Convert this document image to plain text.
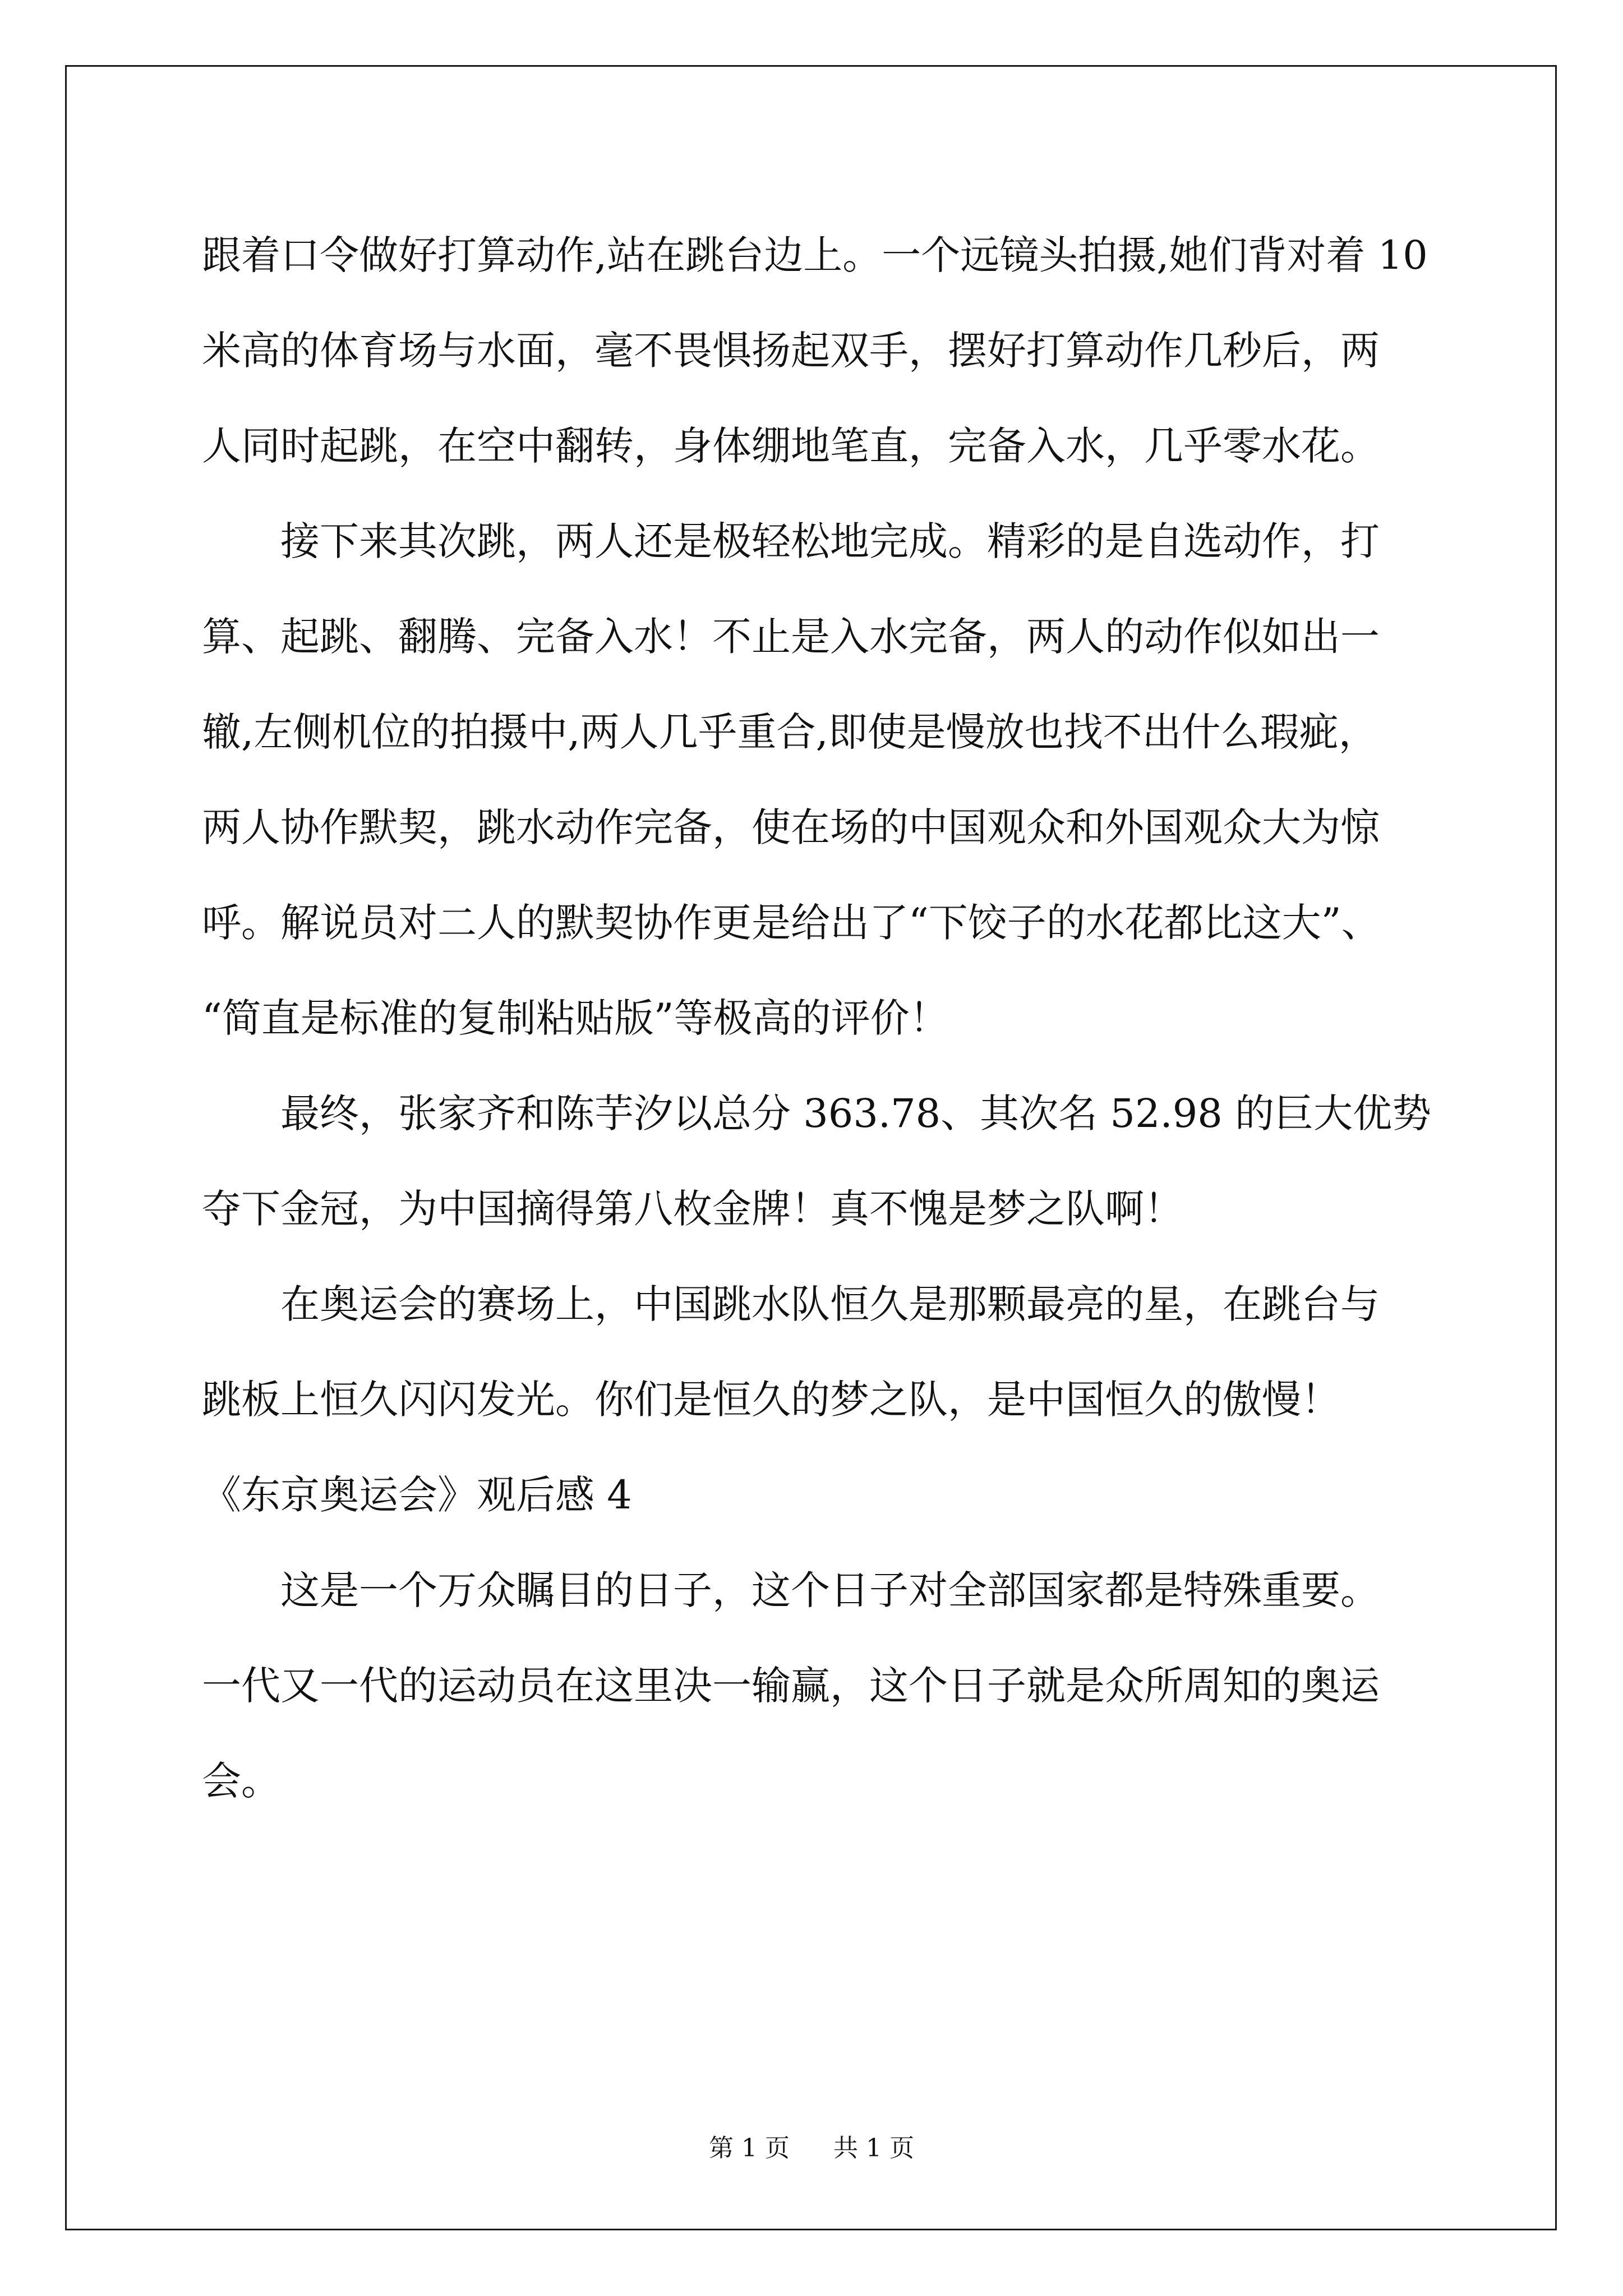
跟着口令做好打算动作,站在跳台边上。一个远镜头拍摄,她们背对着 10
米高的体育场与水面，毫不畏惧扬起双手，摆好打算动作几秒后，两
人同时起跳，在空中翻转，身体绷地笔直，完备入水，几乎零水花。
接下来其次跳，两人还是极轻松地完成。精彩的是自选动作，打
算、起跳、翻腾、完备入水！不止是入水完备，两人的动作似如出一
辙,左侧机位的拍摄中,两人几乎重合,即使是慢放也找不出什么瑕疵，
两人协作默契，跳水动作完备，使在场的中国观众和外国观众大为惊
呼。解说员对二人的默契协作更是给出了“下饺子的水花都比这大”、
“简直是标准的复制粘贴版”等极高的评价！
最终，张家齐和陈芋汐以总分 363.78、其次名 52.98 的巨大优势
夺下金冠，为中国摘得第八枚金牌！真不愧是梦之队啊！
在奥运会的赛场上，中国跳水队恒久是那颗最亮的星，在跳台与
跳板上恒久闪闪发光。你们是恒久的梦之队，是中国恒久的傲慢！
《东京奥运会》观后感 4
这是一个万众瞩目的日子，这个日子对全部国家都是特殊重要。
一代又一代的运动员在这里决一输赢，这个日子就是众所周知的奥运
会。
第 1 页 共 1 页
